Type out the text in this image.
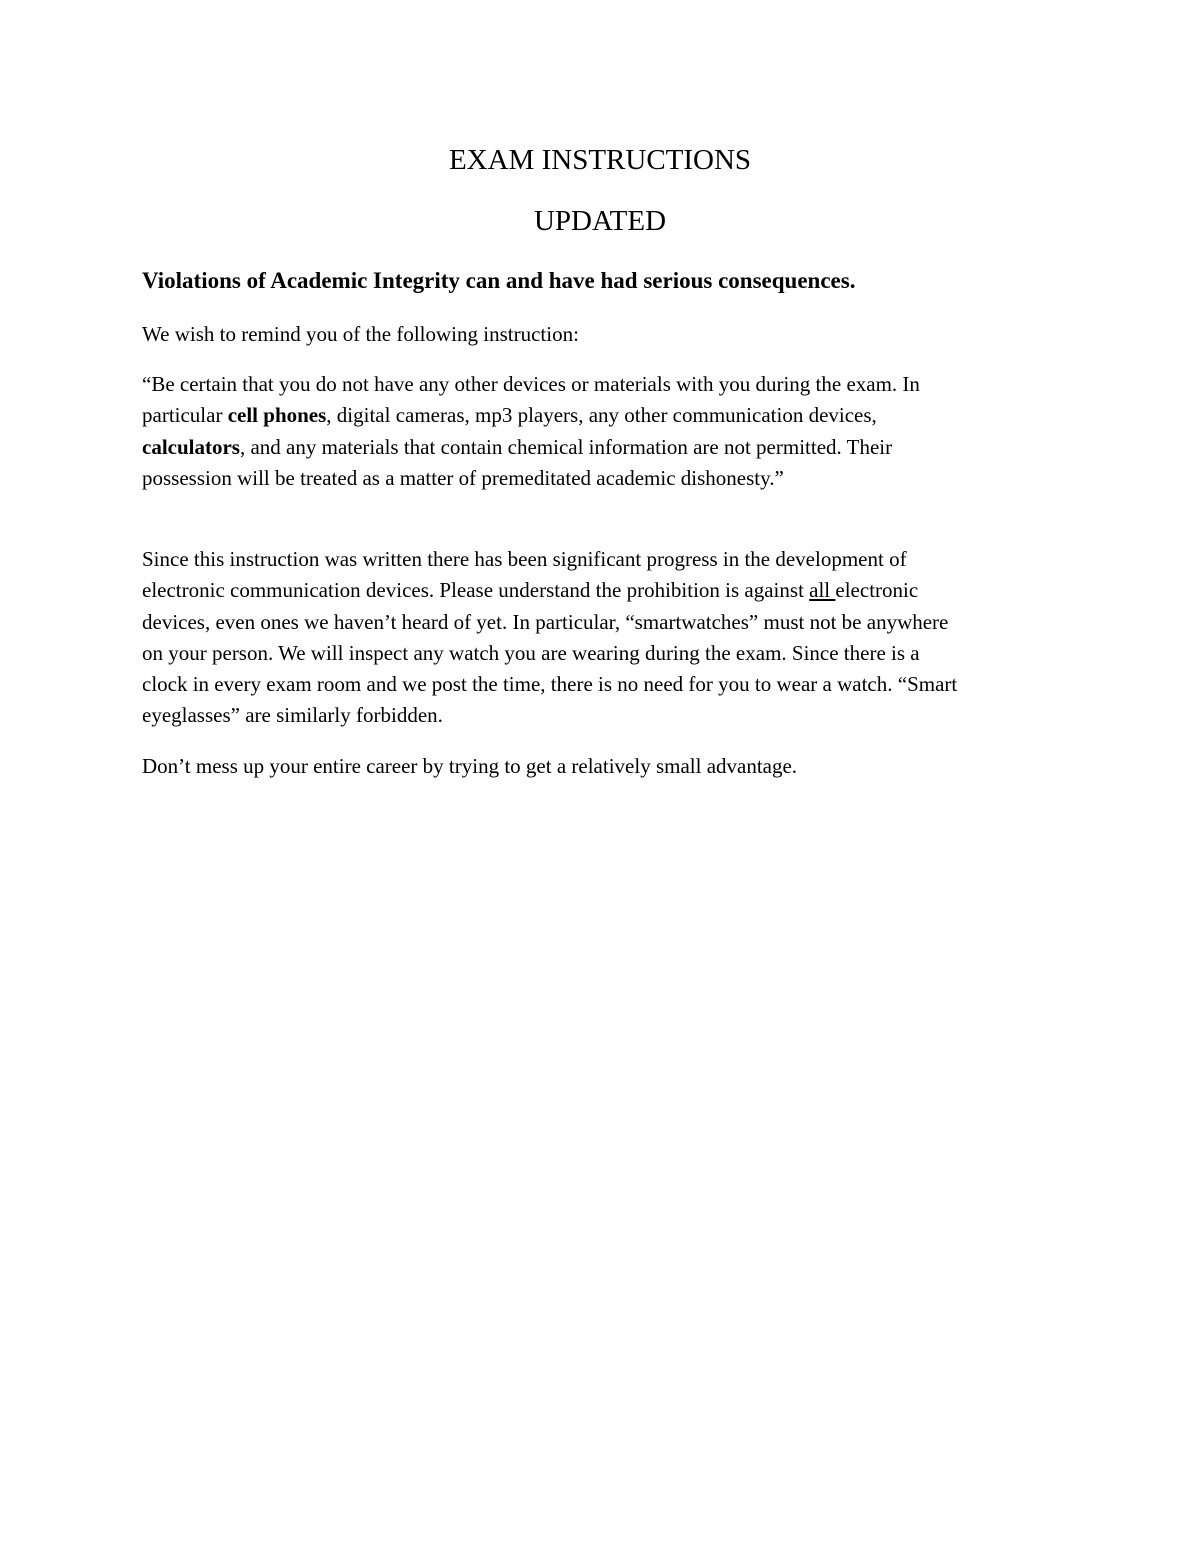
EXAM INSTRUCTIONS
UPDATED

Violations of Academic Integrity can and have had serious consequences.

We wish to remind you of the following instruction:

“Be certain that you do not have any other devices or materials with you during the exam. In
particular cell phones, digital cameras, mp3 players, any other communication devices,
calculators, and any materials that contain chemical information are not permitted. Their
possession will be treated as a matter of premeditated academic dishonesty.”

Since this instruction was written there has been significant progress in the development of
electronic communication devices. Please understand the prohibition is against all electronic
devices, even ones we haven’t heard of yet. In particular, “smartwatches” must not be anywhere
on your person. We will inspect any watch you are wearing during the exam. Since there is a
clock in every exam room and we post the time, there is no need for you to wear a watch. “Smart
eyeglasses” are similarly forbidden.

Don’t mess up your entire career by trying to get a relatively small advantage.
